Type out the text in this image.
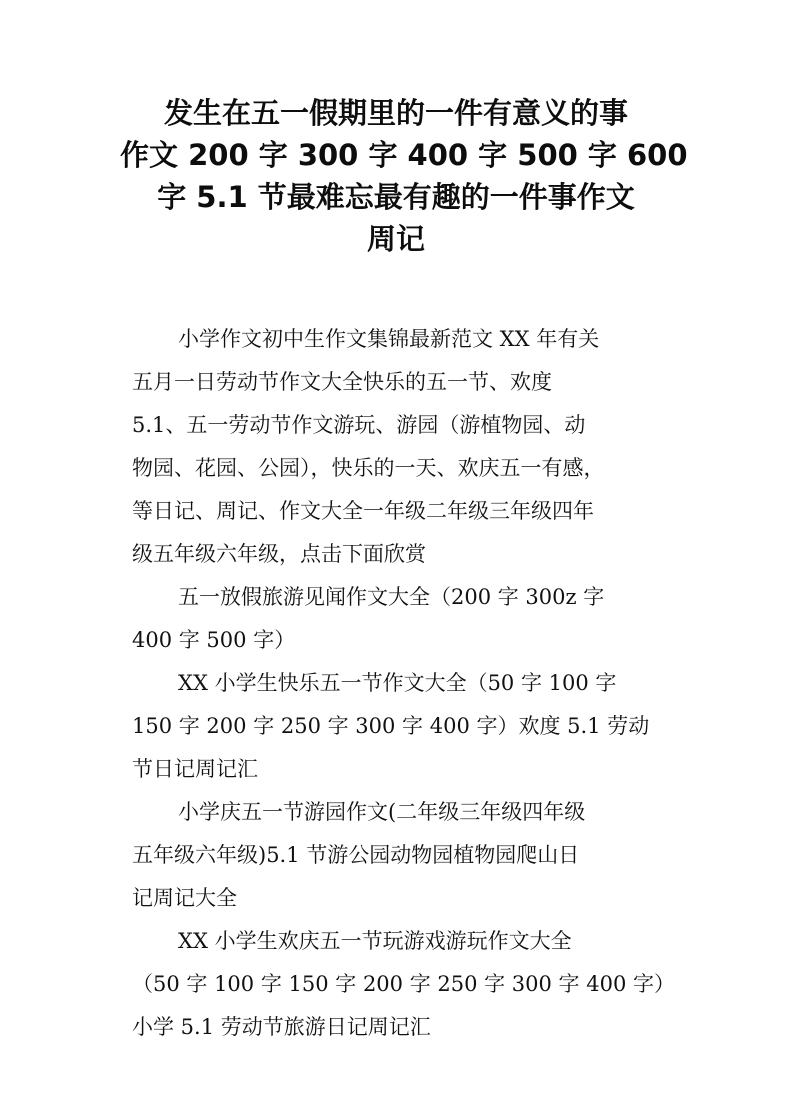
发生在五一假期里的一件有意义的事
作文 200 字 300 字 400 字 500 字 600
字 5.1 节最难忘最有趣的一件事作文
周记
小学作文初中生作文集锦最新范文 XX 年有关
五月一日劳动节作文大全快乐的五一节、欢度
5.1、五一劳动节作文游玩、游园（游植物园、动
物园、花园、公园），快乐的一天、欢庆五一有感，
等日记、周记、作文大全一年级二年级三年级四年
级五年级六年级，点击下面欣赏
五一放假旅游见闻作文大全（200 字 300z 字
400 字 500 字）
XX 小学生快乐五一节作文大全（50 字 100 字
150 字 200 字 250 字 300 字 400 字）欢度 5.1 劳动
节日记周记汇
小学庆五一节游园作文(二年级三年级四年级
五年级六年级)5.1 节游公园动物园植物园爬山日
记周记大全
XX 小学生欢庆五一节玩游戏游玩作文大全
（50 字 100 字 150 字 200 字 250 字 300 字 400 字）
小学 5.1 劳动节旅游日记周记汇
